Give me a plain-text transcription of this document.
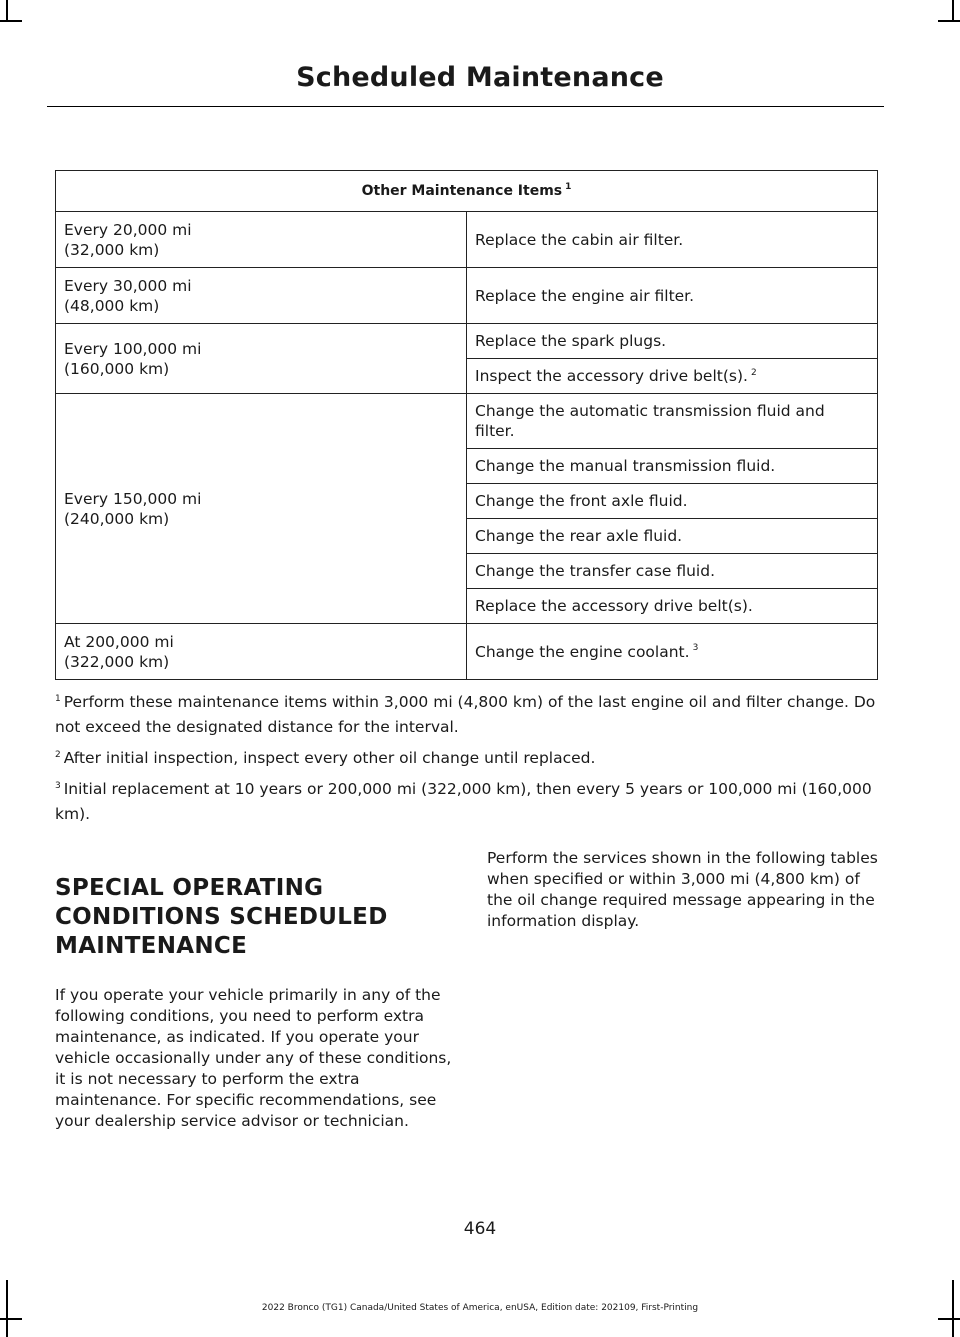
Scheduled Maintenance
Other Maintenance Items $^1$
Every 20,000 mi
(32,000 km)	Replace the cabin air filter.
Every 30,000 mi
(48,000 km)	Replace the engine air filter.
Every 100,000 mi
(160,000 km)	Replace the spark plugs.
	Inspect the accessory drive belt(s). $^2$
Every 150,000 mi
(240,000 km)	Change the automatic transmission fluid and filter.
	Change the manual transmission fluid.
	Change the front axle fluid.
	Change the rear axle fluid.
	Change the transfer case fluid.
	Replace the accessory drive belt(s).
At 200,000 mi
(322,000 km)	Change the engine coolant. $^3$

$^1$ Perform these maintenance items within 3,000 mi (4,800 km) of the last engine oil and filter change. Do not exceed the designated distance for the interval.

$^2$ After initial inspection, inspect every other oil change until replaced.

$^3$ Initial replacement at 10 years or 200,000 mi (322,000 km), then every 5 years or 100,000 mi (160,000 km).

SPECIAL OPERATING CONDITIONS SCHEDULED MAINTENANCE

If you operate your vehicle primarily in any of the following conditions, you need to perform extra maintenance, as indicated. If you operate your vehicle occasionally under any of these conditions, it is not necessary to perform the extra maintenance. For specific recommendations, see your dealership service advisor or technician.

Perform the services shown in the following tables when specified or within 3,000 mi (4,800 km) of the oil change required message appearing in the information display.

464
2022 Bronco (TG1) Canada/United States of America, enUSA, Edition date: 202109, First-Printing
